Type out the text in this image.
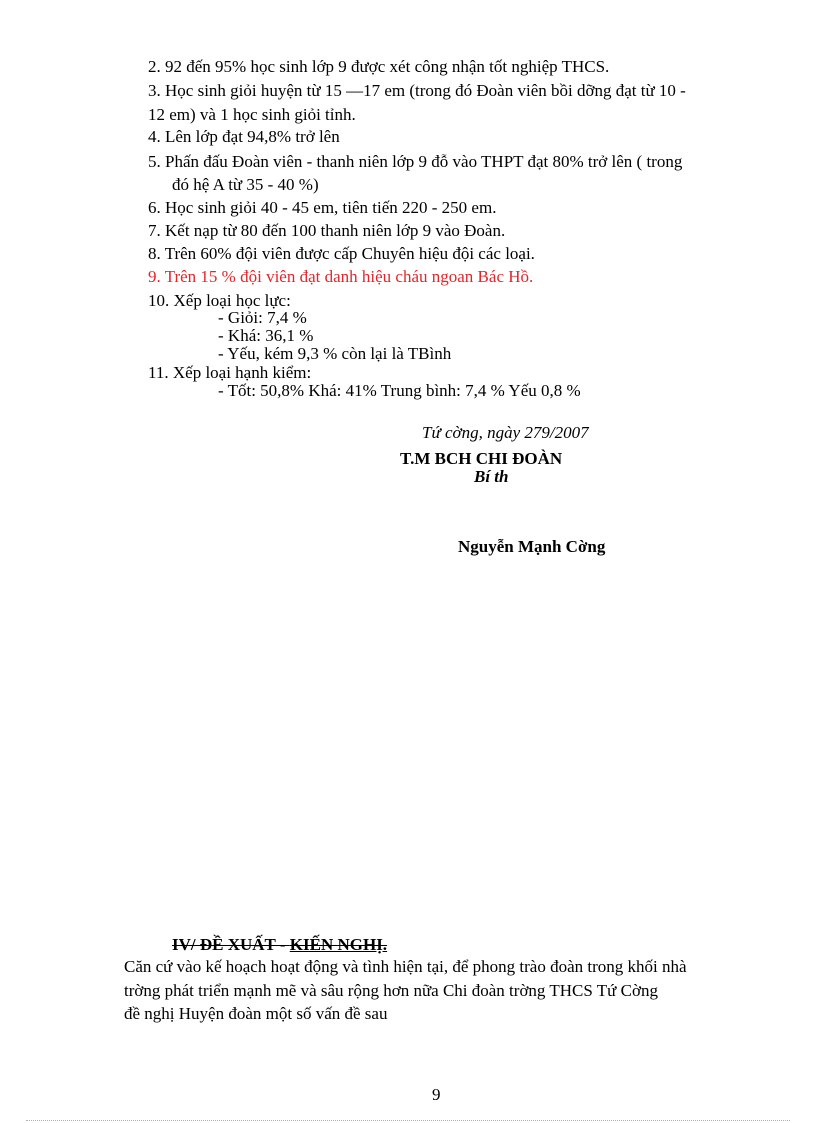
2. 92 đến 95% học sinh lớp 9 được xét công nhận tốt nghiệp THCS.
3. Học sinh giỏi huyện từ 15 —17 em (trong đó Đoàn viên bồi dỡng đạt từ 10 -
12 em) và 1 học sinh giỏi tỉnh.
4. Lên lớp đạt 94,8% trở lên
5. Phấn đấu Đoàn viên - thanh niên lớp 9 đỗ vào THPT đạt 80% trở lên ( trong
đó hệ A từ 35 - 40 %)
6. Học sinh giỏi 40 - 45 em, tiên tiến 220 - 250 em.
7. Kết nạp từ 80 đến 100 thanh niên lớp 9 vào Đoàn.
8. Trên 60% đội viên được cấp Chuyên hiệu đội các loại.
9. Trên 15 % đội viên đạt danh hiệu cháu ngoan Bác Hồ.
10. Xếp loại học lực:
- Giỏi: 7,4 %
- Khá: 36,1 %
- Yếu, kém 9,3 % còn lại là TBình
11. Xếp loại hạnh kiểm:
- Tốt: 50,8% Khá: 41% Trung bình: 7,4 % Yếu 0,8 %
Tứ cờng, ngày 279/2007
T.M BCH CHI ĐOÀN
Bí th
Nguyễn Mạnh Cờng
IV/ ĐỀ XUẤT - KIẾN NGHỊ.
Căn cứ vào kế hoạch hoạt động và tình hiện tại, để phong trào đoàn trong khối nhà
trờng phát triển mạnh mẽ và sâu rộng hơn nữa Chi đoàn trờng THCS Tứ Cờng
đề nghị Huyện đoàn một số vấn đề sau
9
